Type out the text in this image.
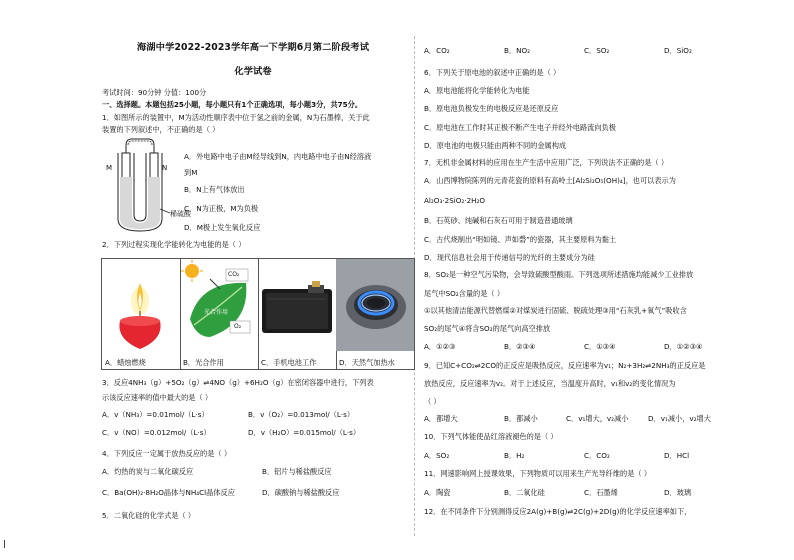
海湖中学2022-2023学年高一下学期6月第二阶段考试
化学试卷
考试时间：90分钟 分值：100分
一、选择题。本题包括25小题，每小题只有1个正确选项，每小题3分，共75分。
1．如图所示的装置中，M为活动性顺序表中位于氢之前的金属，N为石墨棒，关于此
装置的下列叙述中，不正确的是（ ）
M	N
稀硫酸
A．外电路中电子由M经导线到N，内电路中电子由N经溶液
到M
B．N上有气体放出
C．N为正极，M为负极
D．M极上发生氧化反应
2．下列过程实现化学能转化为电能的是（ ）
A．蜡烛燃烧
CO₂
O₂
光合作用
B．光合作用	C．手机电池工作	D．天然气加热水
3．反应4NH₃（g）+5O₂（g）⇌4NO（g）+6H₂O（g）在密闭容器中进行，下列表
示该反应速率的值中最大的是（ ）
A．v（NH₃）=0.01mol/（L·s）	B．v（O₂）=0.013mol/（L·s）
C．v（NO）=0.012mol/（L·s）	D．v（H₂O）=0.015mol/（L·s）
4．下列反应一定属于放热反应的是（ ）
A．灼热的炭与二氧化碳反应	B．铝片与稀盐酸反应
C．Ba(OH)₂·8H₂O晶体与NH₄Cl晶体反应	D．碳酸钠与稀盐酸反应
5．二氧化硅的化学式是（ ）
A．CO₂	B．NO₂	C．SO₂	D．SiO₂
6．下列关于原电池的叙述中正确的是（ ）
A．原电池能将化学能转化为电能
B．原电池负极发生的电极反应是还原反应
C．原电池在工作时其正极不断产生电子并经外电路流向负极
D．原电池的电极只能由两种不同的金属构成
7．无机非金属材料的应用在生产生活中应用广泛，下列说法不正确的是（ ）
A．山西博物院陈列的元青花瓷的原料有高岭土[Al₂Si₂O₅(OH)₄]，也可以表示为
Al₂O₃·2SiO₂·2H₂O
B．石英砂、纯碱和石灰石可用于制造普通玻璃
C．古代烧制出“明如镜、声如磬”的瓷器，其主要原料为黏土
D．现代信息社会用于传递信号的光纤的主要成分为硅
8．SO₂是一种空气污染物，会导致硫酸型酸雨。下列选项所述措施均能减少工业排放
尾气中SO₂含量的是（ ）
①以其他清洁能源代替燃煤②对煤炭进行固硫、脱硫处理③用“石灰乳+氧气”吸收含
SO₂的尾气④将含SO₂的尾气向高空排放
A．①②③	B．②③④	C．①③④	D．①②③④
9．已知C+CO₂⇌2CO的正反应是吸热反应，反应速率为v₁；N₂+3H₂⇌2NH₃的正反应是
放热反应，反应速率为v₂。对于上述反应，当温度升高时，v₁和v₂的变化情况为
（ ）
A．都增大	B．都减小	C．v₁增大，v₂减小	D．v₁减小，v₂增大
10．下列气体能使品红溶液褪色的是（ ）
A．SO₂	B．H₂	C．CO₂	D．HCl
11．网速影响网上授课效果，下列物质可以用来生产光导纤维的是（ ）
A．陶瓷	B．二氧化硅	C．石墨烯	D．玻璃
12．在不同条件下分别测得反应2A(g)+B(g)⇌2C(g)+2D(g)的化学反应速率如下，
